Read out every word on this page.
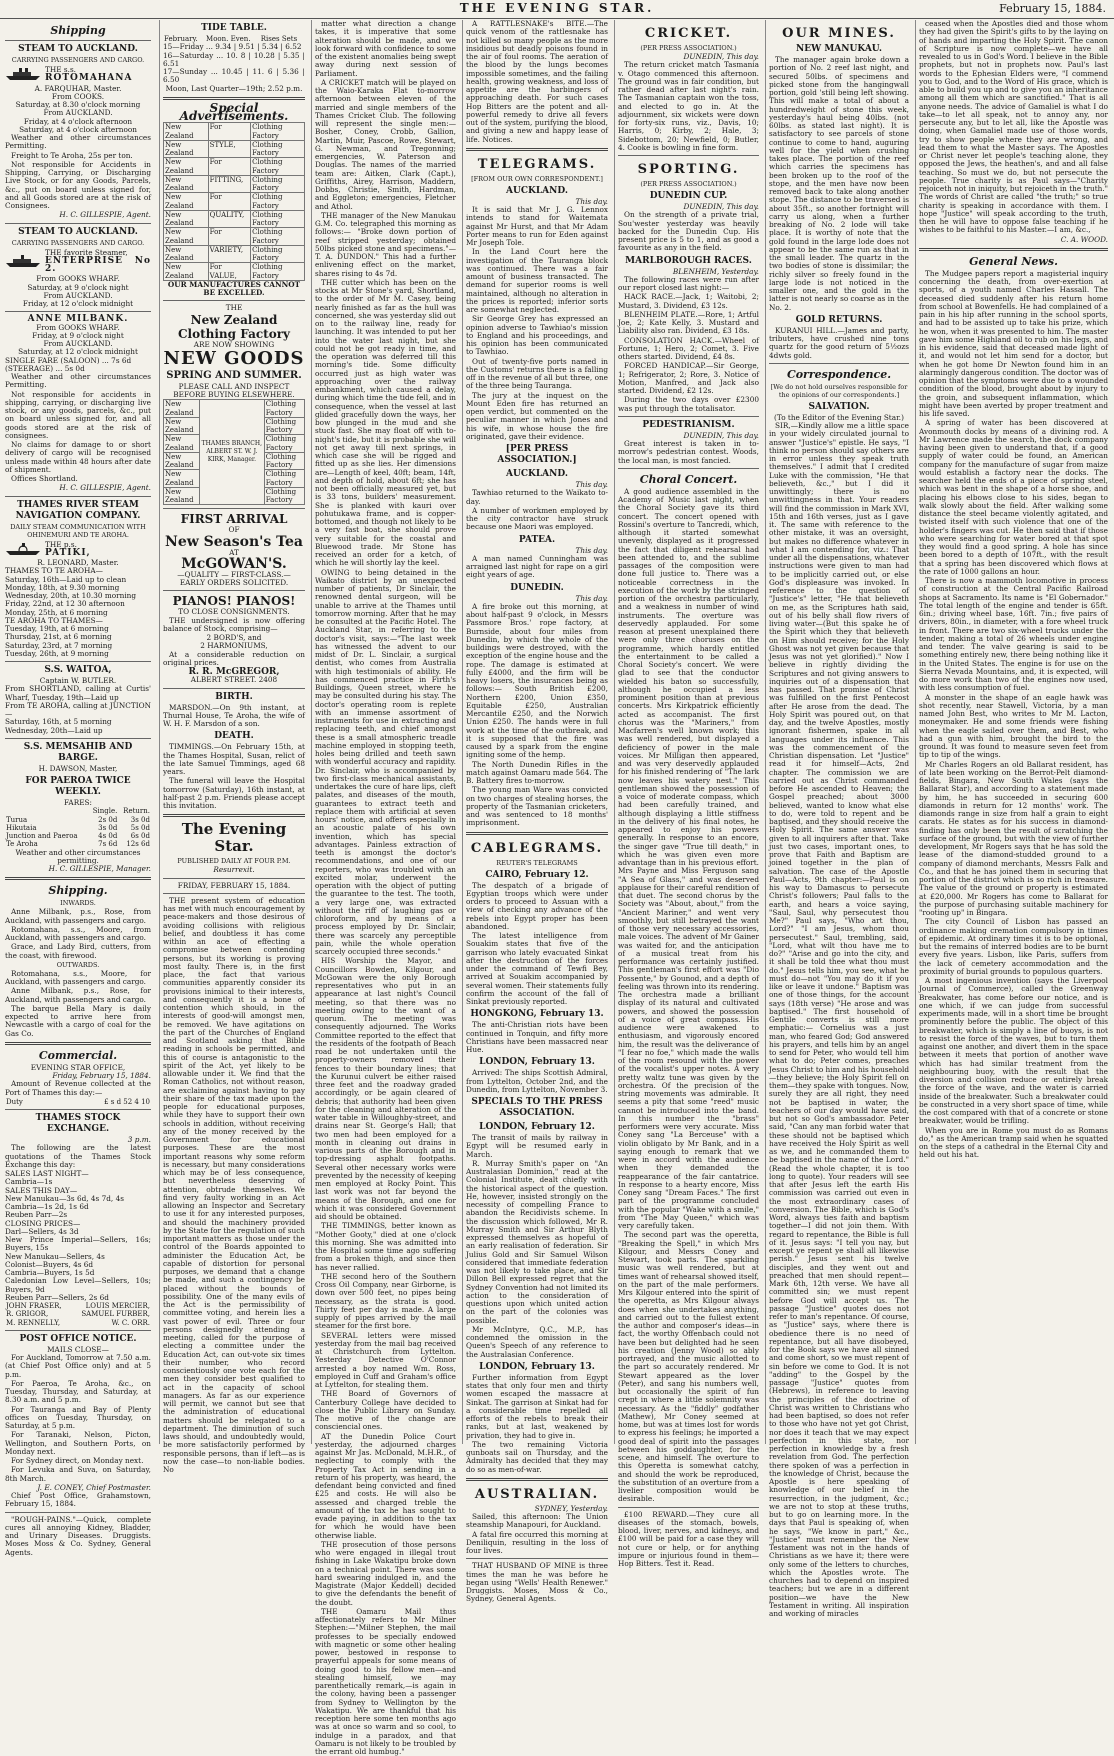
THE EVENING STAR.	February 15, 1884.
Shipping
STEAM TO AUCKLAND.
CARRYING PASSENGERS AND CARGO.
THE s.s.
ROTOMAHANA
A. FARQUHAR, Master.
From COOKS.
Saturday, at 8.30 o'clock morning
From AUCKLAND.
Friday, at 4 o'clock afternoon
Saturday, at 4 o'clock afternoon
Weather and other circumstances Permitting.
Freight to Te Aroha, 25s per ton.
Not responsible for Accidents in Shipping, Carrying, or Discharging Live Stock, or for any Goods, Parcels, &c., put on board unless signed for, and all Goods stored are at the risk of Consignees.
H. C. GILLESPIE, Agent.
STEAM TO AUCKLAND.
CARRYING PASSENGERS AND CARGO.
THE favorite Steamer,
ENTERPRISE No 2.
From GOOKS WHARF.
Saturday, at 9 o'clock night
From AUCKLAND.
Friday, at 12 o'clock midnight
ANNE MILBANK.
From GOOKS WHARF.
Friday, at 9 o'clock night
From AUCKLAND.
Saturday, at 12 o'clock midnight
SINGLE FARE (SALOON) ... 7s 6d
(STEERAGE) ... 5s 0d
Weather and other circumstances Permitting.
Not responsible for accidents in shipping, carrying, or discharging live stock, or any goods, parcels, &c., put on board unless signed for, and all goods stored are at the risk of consignees.
No claims for damage to or short delivery of cargo will be recognised unless made within 48 hours after date of shipment.
Offices Shortland.
H. C. GILLESPIE, Agent.
THAMES RIVER STEAM NAVIGATION COMPANY.
DAILY STEAM COMMUNICATION WITH OHINEMURI AND TE AROHA.
THE p.s.
PATIKI,
R. LEONARD, Master.
THAMES TO TE AROHA—
Saturday, 16th—Laid up to clean
Monday, 18th, at 9.30 morning
Wednesday, 20th, at 10.30 morning
Friday, 22nd, at 12 30 afternoon
Monday, 25th, at 6 morning
TE AROHA TO THAMES—
Tuesday, 19th, at 6 morning
Thursday, 21st, at 6 morning
Saturday, 23rd, at 7 morning
Tuesday, 26th, at 9 morning
S.S. WAITOA,
Captain W. BUTLER.
From SHORTLAND, calling at Curtis' Wharf, Tuesday, 19th—Laid up
From TE AROHA, calling at JUNCTION—
Saturday, 16th, at 5 morning
Wednesday, 20th—Laid up
S.S. MEMSAHIB AND BARGE.
H. DAWSON, Master,
FOR PAEROA TWICE WEEKLY.
FARES:
	Single.	Return.
Turua	2s 0d	3s 0d
Hikutaia	3s 0d	5s 0d
Junction and Paeroa	4s 0d	6s 0d
Te Aroha	7s 6d	12s 6d
Weather and other circumstances permitting.
H. C. GILLESPIE, Manager.
Shipping.
INWARDS.
Anne Milbank, p.s., Rose, from Auckland, with passengers and cargo.
Rotomahana, s.s., Moore, from Auckland, with passengers and cargo.
Grace, and Lady Bird, cutters, from the coast, with firewood.
OUTWARDS.
Rotomahana, s.s., Moore, for Auckland, with passengers and cargo.
Anne Milbank, p.s., Rose, for Auckland, with passengers and cargo.
The barque Bella Mary is daily expected to arrive here from Newcastle with a cargo of coal for the Gas Co.
Commercial.
EVENING STAR OFFICE,
Friday, February 15, 1884.
Amount of Revenue collected at the Port of Thames this day:—
Duty	£ s d 52 4 10
THAMES STOCK EXCHANGE.
3 p.m.
The following are the latest quotations of the Thames Stock Exchange this day:
SALES LAST NIGHT—
Cambria—1s
SALES THIS DAY—
New Manukau—3s 6d, 4s 7d, 4s
Cambria—1s 2d, 1s 6d
Reuben Parr—2s
CLOSING PRICES—
Darl—Sellers, 4s 3d
New Prince Imperial—Sellers, 16s; Buyers, 15s
New Manukau—Sellers, 4s
Colonist—Buyers, 4s 6d
Cambria—Buyers, 1s 5d
Caledonian Low Level—Sellers, 10s; Buyers, 9d
Reuben Parr—Sellers, 2s 6d
JOHN FRASER,	LOUIS MERCIER,
R. GRIGOR,	SAMUEL FURBER,
M. RENNELLY,	W. C. ORR.
POST OFFICE NOTICE.
MAILS CLOSE—
For Auckland, Tomorrow at 7.50 a.m. (at Chief Post Office only) and at 5 p.m.
For Paeroa, Te Aroha, &c., on Tuesday, Thursday, and Saturday, at 8.30 a.m. and 5 p.m.
For Tauranga and Bay of Plenty offices on Tuesday, Thursday, on Saturday, at 5 p.m.
For Taranaki, Nelson, Picton, Wellington, and Southern Ports, on Monday next.
For Sydney direct, on Monday next.
For Levuka and Suva, on Saturday, 8th March.
J. E. CONEY, Chief Postmaster.
Chief Post Office, Grahamstown, February 15, 1884.
"ROUGH-PAINS."—Quick, complete cures all annoying Kidney, Bladder, and Urinary Diseases. Druggists. Moses Moss & Co. Sydney, General Agents.
TIDE TABLE.
February.	Moon. Even.	Rises Sets
15—Friday ... 9.34 | 9.51 | 5.34 | 6.52
16—Saturday ... 10. 8 | 10.28 | 5.35 | 6.51
17—Sunday ... 10.45 | 11. 6 | 5.36 | 6.50
Moon, Last Quarter—19th; 2.52 p.m.
Special Advertisements.
New Zealand	For	Clothing Factory
New Zealand	STYLE,	Clothing Factory
New Zealand	For	Clothing Factory
New Zealand	FITTING,	Clothing Factory
New Zealand	For	Clothing Factory
New Zealand	QUALITY,	Clothing Factory
New Zealand	For	Clothing Factory
New Zealand	VARIETY,	Clothing Factory
New Zealand	For VALUE,	Clothing Factory
OUR MANUFACTURES CANNOT BE EXCELLED.
THE
New Zealand Clothing Factory
ARE NOW SHOWING
NEW GOODS
SPRING AND SUMMER.
PLEASE CALL AND INSPECT BEFORE BUYING ELSEWHERE.
New Zealand	THAMES BRANCH, ALBERT ST. W. J. KIRK, Manager.	Clothing Factory
New Zealand		Clothing Factory
New Zealand		Clothing Factory
New Zealand		Clothing Factory
New Zealand		Clothing Factory
New Zealand		Clothing Factory
FIRST ARRIVAL
OF
New Season's Tea
AT
McGOWAN'S.
—QUALITY — FIRST-CLASS.—
EARLY ORDERS SOLICITED.
PIANOS! PIANOS!
TO CLOSE CONSIGNMENTS.
THE undersigned is now offering balance of Stock, comprising—
2 BORD'S, and
2 HARMONIUMS,
At a considerable reduction on original prices.
R. R. McGREGOR,
ALBERT STREET. 2408
BIRTH.
MARSDON.—On 9th instant, at Thurnal House, Te Aroha, the wife of W. H. F. Marsdon of a son.
DEATH.
TIMMINGS.—On February 15th, at the Thames Hospital, Susan, relict of the late Samuel Timmings, aged 68 years.
The funeral will leave the Hospital tomorrow (Saturday), 16th instant, at half-past 2 p.m. Friends please accept this invitation.
The Evening Star.
PUBLISHED DAILY AT FOUR P.M.
Resurrexit.
FRIDAY, FEBRUARY 15, 1884.
THE present system of education has met with much encouragement by peace-makers and those desirous of avoiding collisions with religious belief, and doubtless it has come within an ace of effecting a compromise between contending persons, but its working is proving most faulty. There is, in the first place, the fact that various communities apparently consider its provisions inimical to their interests, and consequently it is a bone of contention which should, in the interests of good-will amongst men, be removed. We have agitations on the part of the Churches of England and Scotland asking that Bible reading in schools be permitted, and this of course is antagonistic to the spirit of the Act, yet likely to be allowable under it. We find that the Roman Catholics, not without reason, are exclaiming against having to pay their share of the tax made upon the people for educational purposes, while they have to support their own schools in addition, without receiving any of the money received by the Government for educational purposes. These are the most important reasons why some reform is necessary, but many considerations which may be of less consequence, but nevertheless deserving of attention, obtrude themselves. We find very faulty working in an Act allowing an Inspector and Secretary to use it for any interested purposes, and should the machinery provided by the State for the regulation of such important matters as those under the control of the Boards appointed to administer the Education Act, be capable of distortion for personal purposes, we demand that a change be made, and such a contingency be placed without the bounds of possibility. One of the many evils of the Act is the permissibility of committee voting, and herein lies a vast power of evil. Three or four persons designedly attending a meeting, called for the purpose of electing a committee under the Education Act, can out-vote six times their number, who record conscientiously one vote each for the men they consider best qualified to act in the capacity of school managers. As far as our experience will permit, we cannot but see that the administration of educational matters should be relegated to a department. The diminution of such laws should, and undoubtedly would, be more satisfactorily performed by responsible persons, than if left—as is now the case—to non-liable bodies. No
matter what direction a change takes, it is imperative that some alteration should be made, and we look forward with confidence to some of the existent anomalies being swept away during next session of Parliament.
A CRICKET match will be played on the Waio-Karaka Flat to-morrow afternoon between eleven of the married and single members of the Thames Cricket Club. The following will represent the single men:— Bosher, Coney, Crobb, Gallion, Martin, Muir, Pascoe, Rowe, Stewart, G. Newman, and Tregonning; emergencies, W. Paterson and Douglas. The names of the married team are: Aitken, Clark (Capt.), Griffiths, Airey, Harrison, Maddern, Dobbs, Christie, Smith, Hardman, and Eggleton; emergencies, Fletcher and Athol.
THE manager of the New Manukau G.M. Co. telegraphed this morning as follows:— "Broke down portion of reef stripped yesterday; obtained 50lbs picked stone and specimens."—T. A. DUNDON." This had a further enlivening effect on the market, shares rising to 4s 7d.
THE cutter which has been on the stocks at Mr Stone's yard, Shortland, to the order of Mr M. Casey, being nearly finished as far as the hull was concerned, she was yesterday slid out on to the railway line, ready for launching. It was intended to put her into the water last night, but she could not be got ready in time, and the operation was deferred till this morning's tide. Some difficulty occurred just as high water was approaching over the railway embankment, which caused a delay, during which time the tide fell, and in consequence, when the vessel at last glided gracefully down the ways, her bow plunged in the mud and she stuck fast. She may float off with to-night's tide, but it is probable she will not get away till next springs, in which case she will be rigged and fitted up as she lies. Her dimensions are—Length of keel, 40ft; beam, 14ft, and depth of hold, about 6ft; she has not been officially measured yet, but is 33 tons, builders' measurement. She is planked with kauri over pohutukawa frame, and is copper-bottomed, and though not likely to be a very fast boat, she should prove very suitable for the coastal and Bluewood trade. Mr Stone has received an order for a ketch, of which he will shortly lay the keel.
OWING to being detained in the Waikato district by an unexpected number of patients, Dr Sinclair, the renowned dental surgeon, will be unable to arrive at the Thames until tomorrow morning. After that he may be consulted at the Pacific Hotel. The Auckland Star, in referring to the doctor's visit, says:—"The last week has witnessed the advent to our midst of Dr. L. Sinclair, a surgical dentist, who comes from Australia with high testimonials of ability. He has commenced practice in Firth's Buildings, Queen street, where he may be consulted during his stay. The doctor's operating room is replete with an immense assortment of instruments for use in extracting and replacing teeth, and chief amongst these is a small atmospheric treadle machine employed in stopping teeth, holes being drilled and teeth sawn with wonderful accuracy and rapidity. Dr. Sinclair, who is accompanied by two first-class mechanical assistants, undertakes the cure of hare lips, cleft palates, and diseases of the mouth, guarantees to extract teeth and replace them with artificial at seven hours' notice, and offers especially in an acoustic palate of his own invention, which has special advantages. Painless extraction of teeth is amongst the doctor's recommendations, and one of our reporters, who was troubled with an excited molar, underwent the operation with the object of putting the guarantee to the test. The tooth, a very large one, was extracted without the riff of laughing gas or chloroform, and by means of a process employed by Dr. Sinclair, there was scarcely any perceptible pain, while the whole operation scarcely occupied three seconds."
HIS Worship the Mayor, and Councillors Bowden, Kilgour, and McGowan were the only Borough representatives who put in an appearance at last night's Council meeting, so that there was no meeting owing to the want of a quorum. The meeting was consequently adjourned. The Works Committee reported to the effect that the residents of the footpath of Beach road be not undertaken until the property-owners removed their fences to their boundary lines; that the Kurunui culvert be either raised three feet and the roadway graded accordingly, or be again cleared of debris; that authority had been given for the cleaning and alteration of the water table in Willoughby-street, and drains near St. George's Hall; that two men had been employed for a month in cleaning out drains in various parts of the Borough and in top-dressing asphalt footpaths. Several other necessary works were prevented by the necessity of keeping men employed at Rocky Point. This last work was not far beyond the means of the Borough, and one for which it was considered Government aid should be obtained.
THE TIMMINGS, better known as "Mother Gooty," died at one o'clock this morning. She was admitted into the Hospital some time ago suffering from a broken thigh, and since then has never rallied.
THE second hero of the Southern Cross Oil Company, near Girborne, is down over 500 feet, no pipes being necessary, as the strata is good. Thirty feet per day is made. A large supply of pipes arrived by the mail steamer for the first bore.
SEVERAL letters were missed yesterday from the mail bag received at Christchurch from Lyttelton. Yesterday Detective O'Connor arrested a boy named Wm. Ross, employed in Cuff and Graham's office at Lyttelton, for stealing them.
THE Board of Governors of Canterbury College have decided to close the Public Library on Sunday. The motive of the change are consciencial ones.
AT the Dunedin Police Court yesterday, the adjourned charges against Mr Jas. McDonald, M.H.R., of neglecting to comply with the Property Tax Act in sending in a return of his property, was heard, the defendant being convicted and fined £25 and costs. He will also be assessed and charged treble the amount of the tax he has sought to evade paying, in addition to the tax for which he would have been otherwise liable.
THE prosecution of those persons who were engaged in illegal trout fishing in Lake Wakatipu broke down on a technical point. There was some hard swearing indulged in, and the Magistrate (Major Keddell) decided to give the defendants the benefit of the doubt.
THE Oamaru Mail thus affectionately refers to Mr Milner Stephen:—"Milner Stephen, the mail professes to be specially endowed with magnetic or some other healing power, bestowed in response to prayerful appeals for some means of doing good to his fellow men—and stealing himself, we may parenthetically remark,—is again in the colony, having been a passenger from Sydney to Wellington by the Wakatipu. We are thankful that his reception here some ten months ago was at once so warm and so cool, to indulge in a paradox, and that Oamaru is not likely to be troubled by the errant old humbug."
A RATTLESNAKE's BITE.—The quick venom of the rattlesnake has not killed so many people as the more insidious but deadly poisons found in the air of foul rooms. The aeration of the blood by the lungs becomes impossible sometimes, and the failing health, growing weakness, and loss of appetite are the harbingers of approaching death. For such cases Hop Bitters are the potent and all-powerful remedy to drive all fevers out of the system, purifying the blood, and giving a new and happy lease of life. Notices.
TELEGRAMS.
[FROM OUR OWN CORRESPONDENT.]
AUCKLAND.
This day.
It is said that Mr J. G. Lennox intends to stand for Waitemata against Mr Hurst, and that Mr Adam Porter means to run for Eden against Mr Joseph Tole.
In the Land Court here the investigation of the Tauranga block was continued. There was a fair amount of business transacted. The demand for superior rooms is well maintained, although no alteration in the prices is reported; inferior sorts are somewhat neglected.
Sir George Grey has expressed an opinion adverse to Tawhiao's mission to England and his proceedings, and his opinion has been communicated to Tawhiao.
Out of twenty-five ports named in the Customs' returns there is a falling off in the revenue of all but three, one of the three being Tauranga.
The jury at the inquest on the Mount Eden fire has returned an open verdict, but commented on the peculiar manner in which Jones and his wife, in whose house the fire originated, gave their evidence.
[PER PRESS ASSOCIATION.]
AUCKLAND.
This day.
Tawhiao returned to the Waikato to-day.
A number of workmen employed by the city contractor have struck because one Maori was employed.
PATEA.
This day.
A man named Cunningham was arraigned last night for rape on a girl eight years of age.
DUNEDIN.
This day.
A fire broke out this morning, at about half-past 9 o'clock, in Messrs Passmore Bros.' rope factory, at Burnside, about four miles from Dunedin, by which the whole of the buildings were destroyed, with the exception of the engine house and the rope. The damage is estimated at fully £4000, and the firm will be heavy losers, the insurances being as follows:— South British £200, Northern £200, Union £350, Equitable £250, Australian Mercantile £250, and the Norwich Union £250. The hands were in full work at the time of the outbreak, and it is supposed that the fire was caused by a spark from the engine igniting some of the hemp.
The North Dunedin Rifles in the match against Oamaru made 564. The B. Battery fires to-morrow.
The young man Ware was convicted on two charges of stealing horses, the property of the Tasmanian cricketers, and was sentenced to 18 months' imprisonment.
CABLEGRAMS.
REUTER'S TELEGRAMS
CAIRO, February 12.
The despatch of a brigade of Egyptian troops which were under orders to proceed to Assuan with a view of checking any advance of the rebels into Egypt proper has been abandoned.
The latest intelligence from Souakim states that five of the garrison who lately evacuated Sinkat after the destruction of the forces under the command of Tewfi Bey, arrived at Souakim accompanied by several women. Their statements fully confirm the account of the fall of Sinkat previously reported.
HONGKONG, February 13.
The anti-Christian riots have been continued in Tonquin, and fifty more Christians have been massacred near Hue.
LONDON, February 13.
Arrived: The ships Scottish Admiral, from Lyttelton, October 2nd, and the Dunedin, from Lyttelton, November 3.
SPECIALS TO THE PRESS ASSOCIATION.
LONDON, February 12.
The transit of mails by railway in Egypt will be resumed early in March.
R. Murray Smith's paper on "An Australasian Dominion," read at the Colonial Institute, dealt chiefly with the historical aspect of the question. He, however, insisted strongly on the necessity of compelling France to abandon the Recidivists scheme. In the discussion which followed, Mr R. Murray Smith and Sir Arthur Blyth expressed themselves as hopeful of an early realisation of federation. Sir Julius Gold and Sir Samuel Wilson considered that immediate federation was not likely to take place, and Sir Dillon Bell expressed regret that the Sydney Convention had not limited its action to the consideration of questions upon which united action on the part of the colonies was possible.
Mr McIntyre, Q.C., M.P., has condemned the omission in the Queen's Speech of any reference to the Australasian Conference.
LONDON, February 13.
Further information from Egypt states that only four men and thirty women escaped the massacre at Sinkat. The garrison at Sinkat had for a considerable time repelled all efforts of the rebels to break their ranks, but at last, weakened by privation, they had to give in.
The two remaining Victoria gunboats sail on Thursday, and the Admiralty has decided that they may do so as men-of-war.
AUSTRALIAN.
SYDNEY, Yesterday.
Sailed, this afternoon: The Union steamship Manapouri, for Auckland.
A fatal fire occurred this morning at Deniliquin, resulting in the loss of four lives.
THAT HUSBAND OF MINE is three times the man he was before he began using "Wells' Health Renewer." Druggists. Moses, Moss & Co., Sydney, General Agents.
CRICKET.
(PER PRESS ASSOCIATION.)
DUNEDIN, This day.
The return cricket match Tasmania v. Otago commenced this afternoon. The ground was in fair condition, but rather dead after last night's rain. The Tasmanian captain won the toss, and elected to go in. At the adjournment, six wickets were down for forty-six runs, viz., Davis, 10; Harris, 0; Kirby, 2; Hale, 3; Sidebottom, 20; Newfield, 0; Butler, 4. Cooke is bowling in fine form.
SPORTING.
(PER PRESS ASSOCIATION.)
DUNEDIN CUP.
DUNEDIN, This day.
On the strength of a private trial, Sou'wester yesterday was heavily backed for the Dunedin Cup. His present price is 5 to 1, and as good a favourite as any in the field.
MARLBOROUGH RACES.
BLENHEIM, Yesterday.
The following races were run after our report closed last night:—
HACK RACE.—Jack, 1; Waitobi, 2; Mustard, 3. Dividend, £3 12s.
BLENHEIM PLATE.—Rore, 1; Artful Joe, 2; Kate Kelly, 3. Mustard and Liability also ran. Dividend, £3 18s.
CONSOLATION HACK.—Wheel of Fortune, 1; Hero, 2; Comet, 3. Five others started. Dividend, £4 8s.
FORCED HANDICAP.—Sir George, 1; Refrigerator, 2; Rore, 3. Notice of Motion, Manfred, and Jack also started. Dividend, £2 12s.
During the two days over £2300 was put through the totalisator.
PEDESTRIANISM.
DUNEDIN, This day.
Great interest is taken in to-morrow's pedestrian contest. Woods, the local man, is most fancied.
Choral Concert.
A good audience assembled in the Academy of Music last night, when the Choral Society gave its third concert. The concert opened with Rossini's overture to Tancredi, which, although it started somewhat unevenly, displayed as it progressed the fact that diligent rehearsal had been attended to, and the sublime passages of the composition were done full justice to. There was a noticeable correctness in the execution of the work by the stringed portion of the orchestra particularly, and a weakness in number of wind instruments. The overture was deservedly applauded. For some reason at present unexplained there were only three choruses on the programme, which hardly entitled the entertainment to be called a Choral Society's concert. We were glad to see that the conductor wielded his baton so successfully, although he occupied a less prominent position than at previous concerts. Mrs Kirkpatrick efficiently acted as accompanist. The first chorus was the "Mariners," from Macfarren's well known work; this was well rendered, but displayed a deficiency of power in the male voices. Mr Milligan then appeared, and was very deservedly applauded for his finished rendering of "The lark now leaves his watery nest." This gentleman showed the possession of a voice of moderate compass, which had been carefully trained, and although displaying a little stiffness in the delivery of his final notes, he appeared to enjoy his powers generally. In response to an encore, the singer gave "True till death," in which he was given even more advantage than in his previous effort. Mrs Payne and Miss Ferguson sang "A Sea of Glass," and was deserved applause for their careful rendition of that duet. The second chorus by the Society was "About, about," from the "Ancient Mariner," and went very smoothly, but still betrayed the want of those very necessary accessories, male voices. The advent of Mr Gainer was waited for, and the anticipation of a musical treat from his performance was certainly justified. This gentleman's first effort was "Dio Possente," by Gounod, and a depth of feeling was thrown into its rendering. The orchestra made a brilliant display of its natural and cultivated powers, and showed the possession of a voice of great compass. His audience were awakened to enthusiasm, and vigorously encored him, the result was the deliverance of "I fear no foe," which made the walls of the room resound with the power of the vocalist's upper notes. A very pretty waltz tune was given by the orchestra. Of the precision of the string movements was admirable. It seems a pity that some "reed" music cannot be introduced into the band. In this number the "brass" performers were very accurate. Miss Coney sang "La Berceuse" with a violin obligato by Mr Bank, and in a saying enough to remark that we were in accord with the audience when they demanded the reappearance of the fair cantatrice. In response to a hearty encore, Miss Coney sang "Dream Faces." The first part of the programme concluded with the popular "Wake with a smile," from "The May Queen," which was very carefully taken.
The second part was the operetta, "Breaking the Spell," in which Mrs Kilgour, and Messrs Coney and Stewart, took parts. The sparkling music was well rendered, but at times want of rehearsal showed itself, on the part of the male performers. Mrs Kilgour entered into the spirit of the operetta, as Mrs Kilgour always does when she undertakes anything, and carried out to the fullest extent the author and composer's ideas—in fact, the worthy Offenbach could not have been but delighted had he seen his creation (Jenny Wood) so ably portrayed, and the music allotted to the part so accurately rendered. Mr Stewart appeared as the lover (Peter), and sang his numbers well, but occasionally the spirit of fun crept in where a little solemnity was necessary. As the "fiddly" godfather (Mathew), Mr Coney seemed at home, but was at times lost for words to express his feelings; he imported a good deal of spirit into the passages between his goddaughter, for the scene, and himself. The overture to this Operetta is somewhat catchy, and should the work be reproduced, the substitution of an overture from a livelier composition would be desirable.
£100 REWARD.—They cure all diseases of the stomach, bowels, blood, liver, nerves, and kidneys, and £100 will be paid for a case they will not cure or help, or for anything impure or injurious found in them—Hop Bitters. Test it. Read.
OUR MINES.
NEW MANUKAU.
The manager again broke down a portion of No. 2 reef last night, and secured 50lbs. of specimens and picked stone from the hangingwall portion, gold 'still being left showing. This will make a total of about a hundredweight of stone this week, yesterday's haul being 40lbs. (not 60lbs. as stated last night). It is satisfactory to see parcels of stone continue to come to hand, auguring well for the yield when crushing takes place. The portion of the reef which carries the specimens has been broken up to the roof of the stope, and the men have now been removed back to take along another stope. The distance to be traversed is about 35ft., so another fortnight will carry us along, when a further breaking of No. 2 lode will take place. It is worthy of note that the gold found in the large lode does not appear to be the same run as that in the small leader. The quartz in the two bodies of stone is dissimilar; the richly silver so freely found in the large lode is not noticed in the smaller one, and the gold in the latter is not nearly so coarse as in the No. 2.
GOLD RETURNS.
KURANUI HILL.—James and party, tributers, have crushed nine tons quartz for the good return of 5½ozs 4dwts gold.
Correspondence.
[We do not hold ourselves responsible for the opinions of our correspondents.]
SALVATION.
(To the Editor of the Evening Star.)
SIR,—Kindly allow me a little space in your widely circulated journal to answer "Justice's" epistle. He says, "I think no person should say others are in error unless they speak truth themselves." I admit that I credited Luke with the commission, "He that believeth, &c.," but I did it unwittingly; there is no unwittingness in that. Your readers will find the commission in Mark XVI, 15th and 16th verses, just as I gave it. The same with reference to the other mistake, it was an oversight, but makes no difference whatever in what I am contending for, viz.: That under all the dispensations, whatever instructions were given to man had to be implicitly carried out, or else God's displeasure was invoked. In reference to the question of "Justice's" letter, "He that believeth on me, as the Scriptures hath said, out of his belly shall flow rivers of living water—(But this spake he of the Spirit which they that believeth on Him should receive; for the Holy Ghost was not yet given because that Jesus was not yet glorified)." Now I believe in rightly dividing the Scriptures and not giving answers to inquiries out of a dispensation that has passed. That promise of Christ was fulfilled on the first Pentecost after He arose from the dead. The Holy Spirit was poured out, on that day, and the twelve Apostles, mostly ignorant fishermen, spake in all languages under its influence. This was the commencement of the Christian dispensation. Let "Justice" read it for himself—Acts, 2nd chapter. The commission we are carried out as Christ commanded before He ascended to Heaven; the Gospel preached; about 3000 believed, wanted to know what else to do, were told to repent and be baptised, and they should receive the Holy Spirit. The same answer was given to all inquirers after that. Take just two cases, important ones, to prove that Faith and Baptism are joined together in the plan of salvation. The case of the Apostle Paul—Acts, 9th chapter:—Paul is on his way to Damascus to persecute Christ's followers; Paul falls to the earth, and hears a voice saying, "Saul, Saul, why persecutest thou Me?" Paul says, "Who art thou, Lord?" "I am Jesus, whom thou persecutest." Saul, trembling, said, "Lord, what wilt thou have me to do?" "Arise and go into the city, and it shall be told thee what thou must do." Jesus tells him, you see, what he must do—not "You may do it if you like or leave it undone." Baptism was one of those things, for the account says (18th verse) "He arose and was baptised." The first household of Gentile converts is still more emphatic:— Cornelius was a just man, who feared God; God answered his prayers, and tells him by an angel to send for Peter, who would tell him what to do; Peter comes, preaches Jesus Christ to him and his household—they believe; the Holy Spirit fell on them—they spake with tongues. Now, surely they are all right, they need not be baptised in water, the teachers of our day would have said, but not so God's ambassador. Peter said, "Can any man forbid water that these should not be baptised which have received the Holy Spirit as well as we, and he commanded them to be baptised in the name of the Lord." (Read the whole chapter, it is too long to quote). Your readers will see that after Jesus left the earth His commission was carried out even in the most extraordinary cases of conversion. The Bible, which is God's Word, always ties faith and baptism together—I did not join them. With regard to repentance, the Bible is full of it. Jesus says: "I tell you nay, but except ye repent ye shall all likewise perish." Jesus sent his twelve disciples, and they went out and preached that men should repent—Mark 6th, 12th verse. We have all committed sin; we must repent before God will accept us. The passage "Justice" quotes does not refer to man's repentance. Of course, as "Justice" says, where there is obedience there is no need of repentance, but all have disobeyed, for the Book says we have all sinned and come short, so we must repent of sin before we come to God. It is not "adding" to the Gospel by the passage "Justice" quotes from (Hebrews), in reference to leaving the principles of the doctrine of Christ was written to Christians who had been baptised, so does not refer to those who have not yet got Christ, nor does it teach that we may expect perfection in this state, nor perfection in knowledge by a fresh revelation from God. The perfection there spoken of was a perfection in the knowledge of Christ, because the Apostle is here speaking of knowledge of our belief in the resurrection, in the judgment, &c.; we are not to stop at these truths, but to go on learning more. In the days that Paul is speaking of, when he says, "We know in part," &c., "Justice" must remember the New Testament was not in the hands of Christians as we have it; there were only some of the letters to churches, which the Apostles wrote. The churches had to depend on inspired teachers; but we are in a different position—we have the New Testament in writing. All inspiration and working of miracles
ceased when the Apostles died and those whom they had given the Spirit's gifts to by the laying on of hands and imparting the Holy Spirit. The canon of Scripture is now complete—we have all revealed to us in God's Word. I believe in the Bible prophets, but not in prophets now. Paul's last words to the Ephesian Elders were, "I commend you to God, and to the Word of His grace, which is able to build you up and to give you an inheritance among all them which are sanctified." That is all anyone needs. The advice of Gamaliel is what I do take—to let all speak, not to annoy any, nor persecute any, but to let all, like the Apostle was doing, when Gamaliel made use of those words, try to show people where they are wrong, and lead them to what the Master says. The Apostles or Christ never let people's teaching alone, they opposed the Jews, the heathen's, and and all false teaching. So must we do, but not persecute the people. True charity is as Paul says—"Charity rejoiceth not in iniquity, but rejoiceth in the truth." The words of Christ are called "the truth;" so true charity is speaking in accordance with them. I hope "Justice" will speak according to the truth, then he will have to oppose false teaching if he wishes to be faithful to his Master.—I am, &c.,
C. A. WOOD.
General News.
The Mudgee papers report a magisterial inquiry concerning the death, from over-exertion at sports, of a youth named Charles Hassall. The deceased died suddenly after his return home from school at Bowenfells. He had complained of a pain in his hip after running in the school sports, and had to be assisted up to take his prize, which he won, when it was presented to him. The master gave him some Highland oil to rub on his legs, and in his evidence, said that deceased made light of it, and would not let him send for a doctor, but when he got home Dr Newton found him in an alarmingly dangerous condition. The doctor was of opinion that the symptoms were due to a wounded condition of the blood, brought about by injury to the groin, and subsequent inflammation, which might have been averted by proper treatment and his life saved.
A spring of water has been discovered at Avonmouth docks by means of a divining rod. A Mr Lawrence made the search, the dock company having been given to understand that, if a good supply of water could be found, an American company for the manufacture of sugar from maize would establish a factory near the docks. The searcher held the ends of a piece of spring steel, which was bent in the shape of a horse shoe, and placing his elbows close to his sides, began to walk slowly about the field. After walking some distance the steel became violently agitated, and twisted itself with such violence that one of the holder's fingers was cut. He then said that if those who were searching for water bored at that spot they would find a good spring. A hole has since been bored to a depth of 107ft., with the result that a spring has been discovered which flows at the rate of 1000 gallons an hour.
There is now a mammoth locomotive in process of construction at the Central Pacific Railroad shops at Sacramento. Its name is "El Gobernador." The total length of the engine and tender is 65ft. 6in.; driving wheel base, 16ft. 7in.; five pairs of drivers, 80in., in diameter, with a fore wheel truck in front. There are two six-wheel trucks under the tender, making a total of 26 wheels under engine and tender. The valve gearing is said to be something entirely new, there being nothing like it in the United States. The engine is for use on the Sierra Nevada Mountains, and, it is expected, will do more work than two of the engines now used, with less consumption of fuel.
A monster in the shape of an eagle hawk was shot recently, near Stawell, Victoria, by a man named John Best, who writes to Mr M. Lacton, moneymaker. He and some friends were fishing when the eagle sailed over them, and Best, who had a gun with him, brought the bird to the ground. It was found to measure seven feet from tip to tip of the wings.
Mr Charles Rogers an old Ballarat resident, has of late been working on the Berrot-Pelt diamond-fields, Bingara, New South Wales (says the Ballarat Star), and according to a statement made by him, he has succeeded in securing 600 diamonds in return for 12 months' work. The diamonds range in size from half a grain to eight carats. He states as for his success in diamond-finding has only been the result of scratching the surface of the ground, but with the view of further development, Mr Rogers says that he has sold the lease of the diamond-studded ground to a company of diamond merchants, Messrs Falk and Co., and that he has joined them in securing that portion of the district which is so rich in treasure. The value of the ground or property is estimated at £20,000. Mr Rogers has come to Ballarat for the purpose of purchasing suitable machinery for "rooting up" in Bingara.
The city Council of Lisbon has passed an ordinance making cremation compulsory in times of epidemic. At ordinary times it is to be optional, but the remains of interred bodies are to be burnt every five years. Lisbon, like Paris, suffers from the lack of cemetery accommodation and the proximity of burial grounds to populous quarters.
A most ingenious invention (says the Liverpool Journal of Commerce), called the Greenway Breakwater, has come before our notice, and is one which, if we can judge from successful experiments made, will in a short time be brought prominently before the public. The object of this breakwater, which is simply a line of buoys, is not to resist the force of the waves, but to turn them against one another, and divert them in the space between it meets that portion of another wave which has had similar treatment from the neighbouring buoy, with the result that the diversion and collision reduce or entirely break the force of the wave, and the water is carried inside of the breakwater. Such a breakwater could be constructed in a very short space of time, while the cost compared with that of a concrete or stone breakwater, would be trifling.
When you are in Rome you must do as Romans do," as the American tramp said when he squatted on the steps of a cathedral in the Eternal City and held out his hat.
